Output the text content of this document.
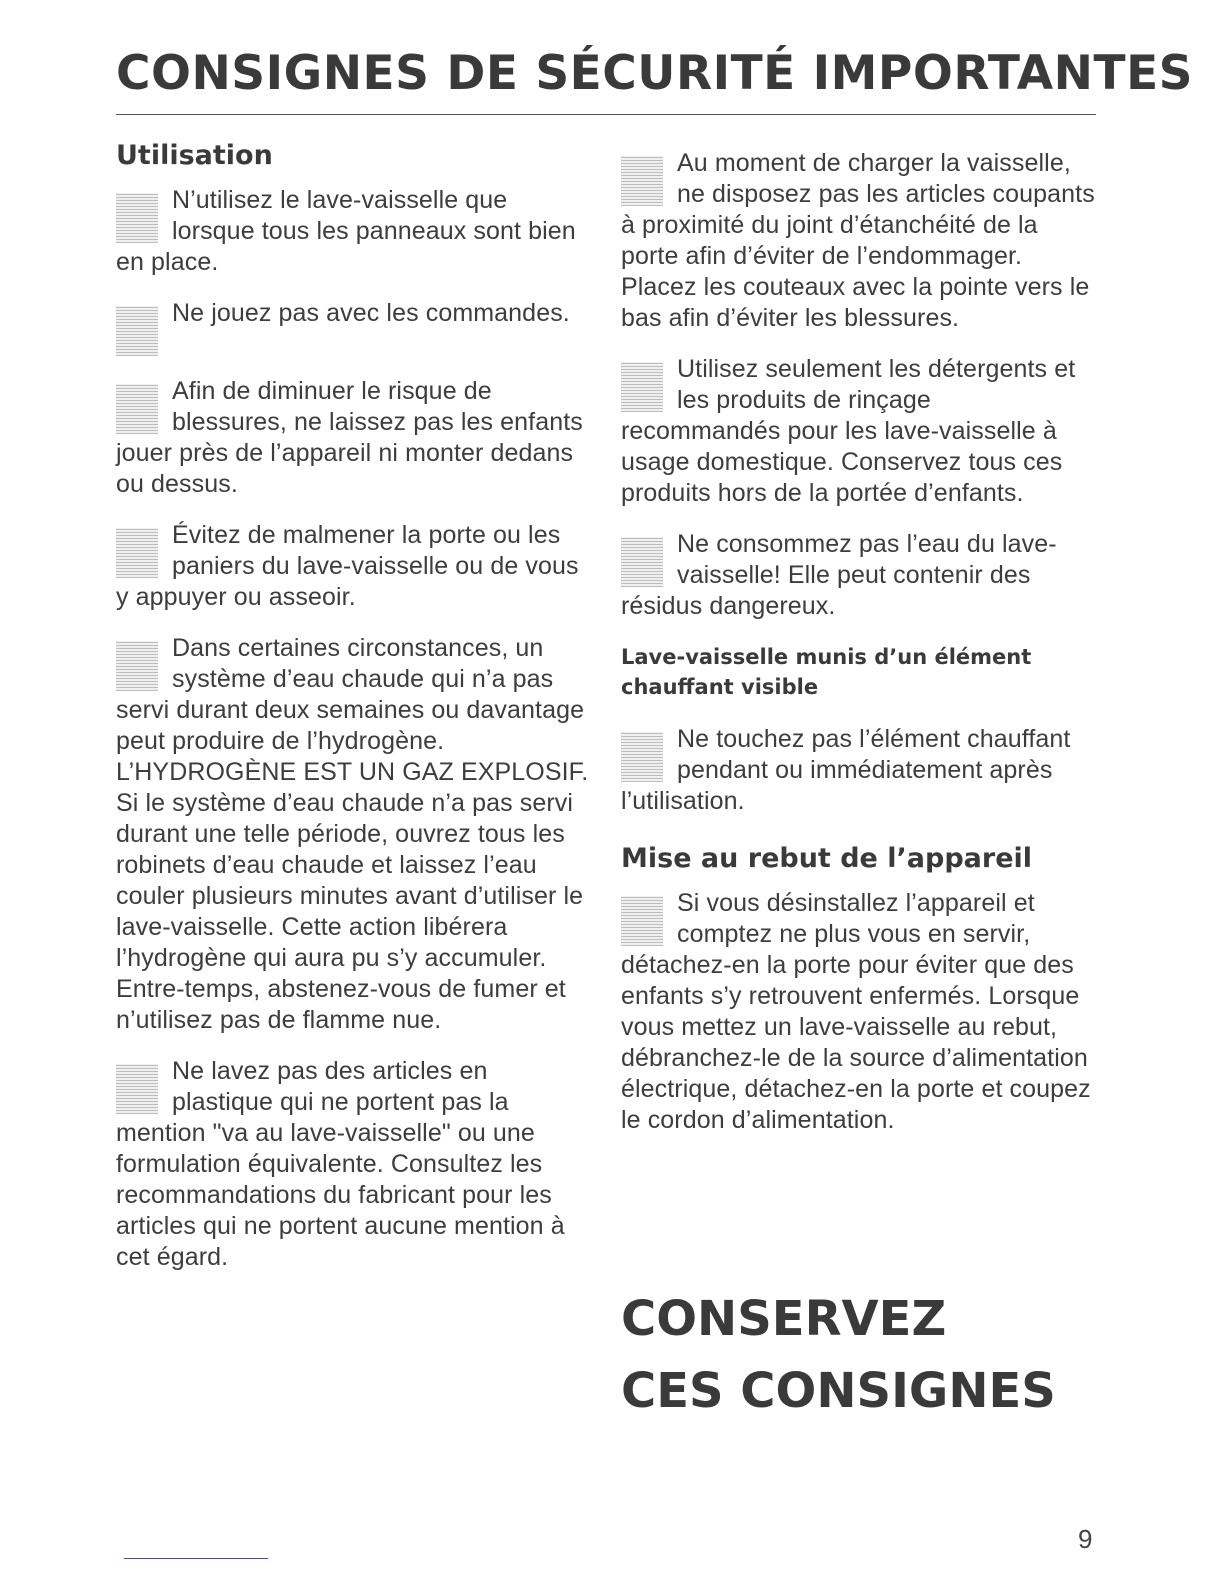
CONSIGNES DE SÉCURITÉ IMPORTANTES
Utilisation
N’utilisez le lave-vaisselle que lorsque tous les panneaux sont bien en place.
Ne jouez pas avec les commandes.
Afin de diminuer le risque de blessures, ne laissez pas les enfants jouer près de l’appareil ni monter dedans ou dessus.
Évitez de malmener la porte ou les paniers du lave-vaisselle ou de vous y appuyer ou asseoir.
Dans certaines circonstances, un système d’eau chaude qui n’a pas servi durant deux semaines ou davantage peut produire de l’hydrogène. L’HYDROGÈNE EST UN GAZ EXPLOSIF. Si le système d’eau chaude n’a pas servi durant une telle période, ouvrez tous les robinets d’eau chaude et laissez l’eau couler plusieurs minutes avant d’utiliser le lave-vaisselle. Cette action libérera l’hydrogène qui aura pu s’y accumuler. Entre-temps, abstenez-vous de fumer et n’utilisez pas de flamme nue.
Ne lavez pas des articles en plastique qui ne portent pas la mention "va au lave-vaisselle" ou une formulation équivalente. Consultez les recommandations du fabricant pour les articles qui ne portent aucune mention à cet égard.
Au moment de charger la vaisselle, ne disposez pas les articles coupants à proximité du joint d’étanchéité de la porte afin d’éviter de l’endommager. Placez les couteaux avec la pointe vers le bas afin d’éviter les blessures.
Utilisez seulement les détergents et les produits de rinçage recommandés pour les lave-vaisselle à usage domestique. Conservez tous ces produits hors de la portée d’enfants.
Ne consommez pas l’eau du lave-vaisselle! Elle peut contenir des résidus dangereux.
Lave-vaisselle munis d’un élément chauffant visible
Ne touchez pas l’élément chauffant pendant ou immédiatement après l’utilisation.
Mise au rebut de l’appareil
Si vous désinstallez l’appareil et comptez ne plus vous en servir, détachez-en la porte pour éviter que des enfants s’y retrouvent enfermés. Lorsque vous mettez un lave-vaisselle au rebut, débranchez-le de la source d’alimentation électrique, détachez-en la porte et coupez le cordon d’alimentation.
CONSERVEZ
CES CONSIGNES
9
